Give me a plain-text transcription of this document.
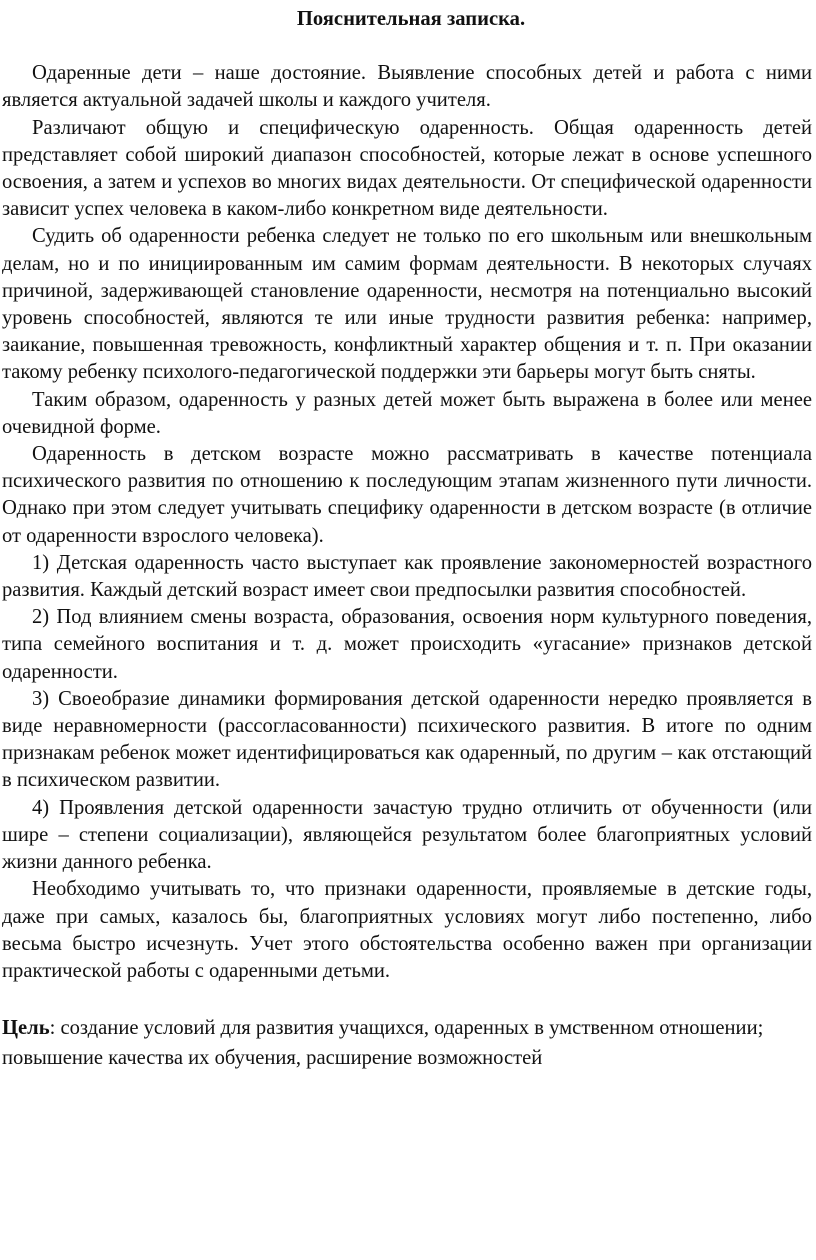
Пояснительная записка.

Одаренные дети – наше достояние. Выявление способных детей и работа с ними является актуальной задачей школы и каждого учителя.

Различают общую и специфическую одаренность. Общая одаренность детей представляет собой широкий диапазон способностей, которые лежат в основе успешного освоения, а затем и успехов во многих видах деятельности. От специфической одаренности зависит успех человека в каком-либо конкретном виде деятельности.

Судить об одаренности ребенка следует не только по его школьным или внешкольным делам, но и по инициированным им самим формам деятельности. В некоторых случаях причиной, задерживающей становление одаренности, несмотря на потенциально высокий уровень способностей, являются те или иные трудности развития ребенка: например, заикание, повышенная тревожность, конфликтный характер общения и т. п. При оказании такому ребенку психолого-педагогической поддержки эти барьеры могут быть сняты.

Таким образом, одаренность у разных детей может быть выражена в более или менее очевидной форме.

Одаренность в детском возрасте можно рассматривать в качестве потенциала психического развития по отношению к последующим этапам жизненного пути личности. Однако при этом следует учитывать специфику одаренности в детском возрасте (в отличие от одаренности взрослого человека).

1) Детская одаренность часто выступает как проявление закономерностей возрастного развития. Каждый детский возраст имеет свои предпосылки развития способностей.

2) Под влиянием смены возраста, образования, освоения норм культурного поведения, типа семейного воспитания и т. д. может происходить «угасание» признаков детской одаренности.

3) Своеобразие динамики формирования детской одаренности нередко проявляется в виде неравномерности (рассогласованности) психического развития. В итоге по одним признакам ребенок может идентифицироваться как одаренный, по другим – как отстающий в психическом развитии.

4) Проявления детской одаренности зачастую трудно отличить от обученности (или шире – степени социализации), являющейся результатом более благоприятных условий жизни данного ребенка.

Необходимо учитывать то, что признаки одаренности, проявляемые в детские годы, даже при самых, казалось бы, благоприятных условиях могут либо постепенно, либо весьма быстро исчезнуть. Учет этого обстоятельства особенно важен при организации практической работы с одаренными детьми.

Цель: создание условий для развития учащихся, одаренных в умственном отношении; повышение качества их обучения, расширение возможностей
